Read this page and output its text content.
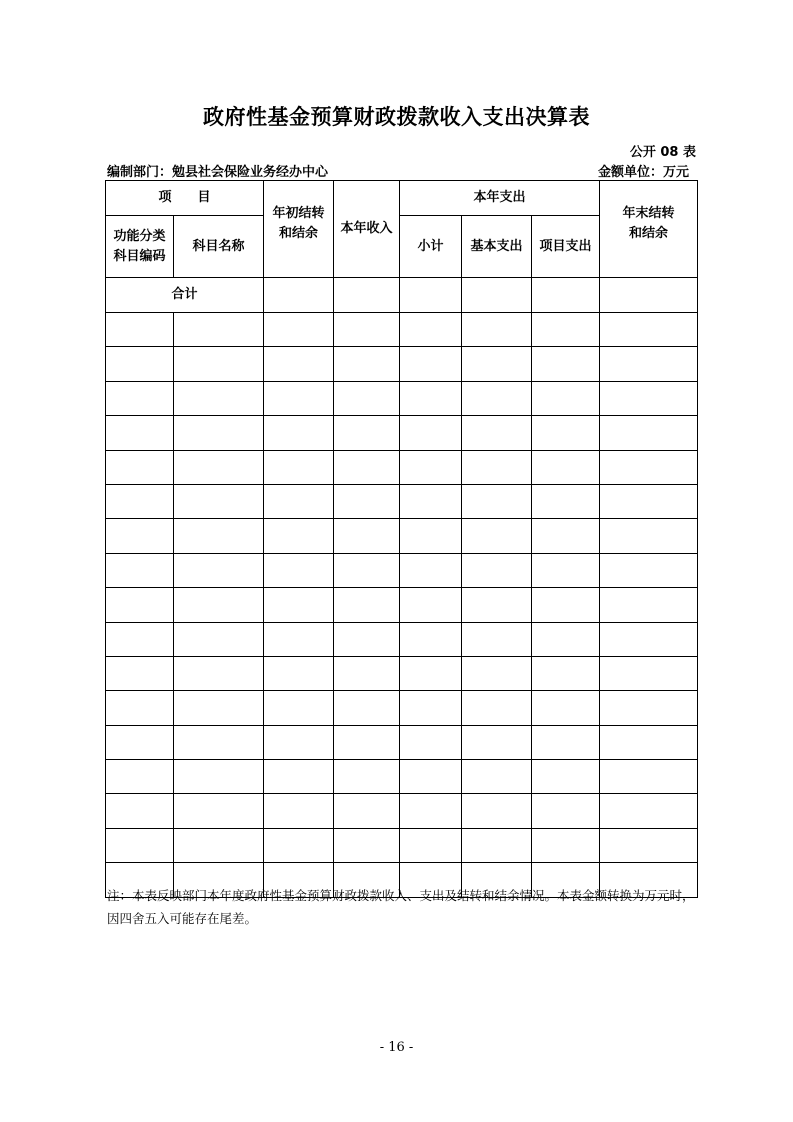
政府性基金预算财政拨款收入支出决算表
公开 08 表
编制部门：勉县社会保险业务经办中心	金额单位：万元
项　　目		年初结转和结余	本年收入	本年支出			年末结转和结余

功能分类科目编码	科目名称			小计	基本支出	项目支出	
合计							

注：本表反映部门本年度政府性基金预算财政拨款收入、支出及结转和结余情况。本表金额转换为万元时，因四舍五入可能存在尾差。
- 16 -
